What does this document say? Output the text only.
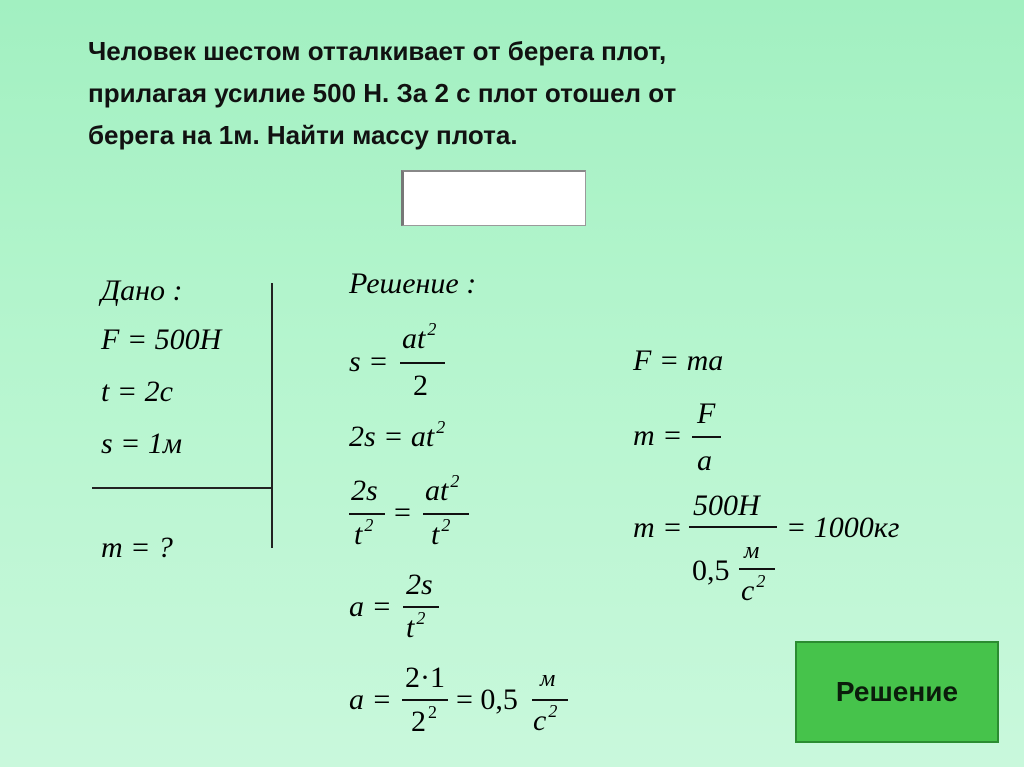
Человек шестом отталкивает от берега плот,
прилагая усилие 500 Н. За 2 с плот отошел от
берега на 1м. Найти массу плота.
Дано :
F = 500H
t = 2c
s = 1м
m = ?
Решение :
s =
at $^2$
2
2s = at $^2$
2s
t $^2$ =
at $^2$
t $^2$
a =
2s
t $^2$
a =
2·1
2 $^2$ = 0,5
м
c $^2$
F = ma
m =
F
a
m =
500H
0,5
м
c $^2$
= 1000кг
Решение
